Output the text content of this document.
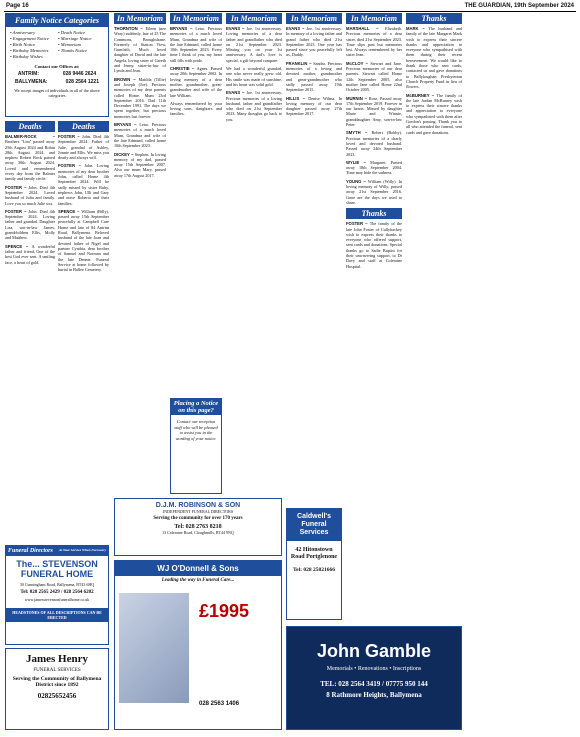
Page 16	THE GUARDIAN, 19th September 2024
Family Notice Categories
• Anniversary	• Death Notice
• Engagement Notice	• Marriage Notice
• Birth Notice	• Memoriam
• Birthday Memories	• Thanks Notice
• Birthday Wishes
Contact our Offices at:
ANTRIM:	028 9446 2624
BALLYMENA:	028 2564 1221
We accept images of individuals in all of the above categories
Deaths
BALMER-ROCK – Brothers ''Lim'' passed away 25th August 2024 and Robin 28th August 2024 and nephew Robert Rock passed away 30th August 2024. Loved and remembered every day from the Balmer family and family circle.
FOSTER – John. Died 4th September 2024. Loved husband of Julia and family. Love you so much Julie xxx.
FOSTER – John. Died 4th September 2024. Loving father and grandad. Daughter Lisa, son-in-law James, grandchildren Ellis, Molly and Matthew.
SPENCE – A wonderful father and friend, One of the best God ever sent. A smiling face, a heart of gold.
Deaths
FOSTER – John. Died 4th September 2024. Father of Julie, grandad of Ashley, Jonnie and Ellis. We miss you dearly and always will.
FOSTER – John. Loving memories of my dear brother John, called Home 4th September 2024. Will be sadly missed by sister Ruby, nephews John, Ulli and Gary and niece Roberta and their families.
SPENCE – William (Billy), passed away 15th September peacefully at Campbell Care Home and late of 84 Antrim Road, Ballymena. Beloved husband of the late Joan and devoted father of Nigel and partner Cynthia, dear brother of Samuel and Norman and the late Dennis. Funeral Service at home followed by burial in Ballee Cemetery.
In Memoriam
THORNTON – Eileen (nee Wray) suddenly, late of 25 The Commons, Broughshane. Formerly of Station View, Garnfrith. Much loved daughter of David and the late Angela, loving sister of Gareth and Jenny, sister-in-law of Lynda and Jean.
BROWN – Matilda (Tillie) and Joseph (Joe). Precious memories of my dear parents called Home. Mum 23rd September 2016. Dad 11th December 1991. The days we spent together, but precious memories last forever.
BRYANS – Lena. Precious memories of a much loved Mum, Grandma and wife of the late Edmund, called home 10th September 2023.
DICKEY – Stephen. In loving memory of my dad, passed away 15th September 2007. Also our mum Mary, passed away 17th August 2017.
In Memoriam
BRYANS – Lena. Precious memories of a much loved Mum, Grandma and wife of the late Edmund, called home 10th September 2023. Every time I think of you, my heart still fills with pride.
CHRISTIE – Agnes. Passed away 20th September 2002. In loving memory of a dear mother, grandmother, great-grandmother and wife of the late William.
Always remembered by your loving sons, daughters and families.
Placing a Notice on this page?
Contact our reception staff who will be pleased to assist you in the wording of your notice.
In Memoriam
EVANS – Joe. 1st anniversary. Loving memories of a dear father and grandfather who died on 21st September 2023. Missing you on your 1st anniversary. A dad's love is special, a gift beyond compare.
We had a wonderful grandad, one who never really grew old. His smile was made of sunshine, and his heart was solid gold.
EVANS – Joe. 1st anniversary. Precious memories of a loving husband, father and grandfather who died on 21st September 2023. Many thoughts go back to you.
In Memoriam
EVANS – Joe. 1st anniversary. In memory of a loving father and grand father who died 21st September 2023. One year has passed since you peacefully left us, Daddy.
FRANKLIN – Sandra. Precious memories of a loving and devoted mother, grandmother and great-grandmother who sadly passed away 19th September 2015.
HILLIS – Denise Wilma. In loving memory of our dear daughter passed away 27th September 2017.
In Memoriam
MARSHALL – Elizabeth. Precious memories of a dear sister, died 21st September 2023. Time slips past but memories last. Always remembered by her sister Jean.
McCLOY – Stewart and Jane. Precious memories of our dear parents. Stewart called Home 12th September 2005, also mother Jane called Home 22nd October 2005.
MURNIN – Rose. Passed away 17th September 2019. Forever in our hearts. Missed by daughter Marie and Winnie, granddaughter Amy, son-in-law Peter.
SMYTH – Robert (Bobby). Precious memories of a dearly loved and devoted husband. Passed away 24th September 2023.
WYLIE – Margaret. Passed away 18th September 2004. Time may hide the sadness.
YOUNG – William (Willy). In loving memory of Willy, passed away 21st September 2016. Gone are the days we used to share.
Thanks
FOSTER – The family of the late John Foster of Cullybackey wish to express their thanks to everyone who offered support, sent cards and donations. Special thanks go to Sadie Baptist for their unwavering support, to Dr Davy and staff at Coleraine Hospital.
Thanks
MARK – The husband and family of the late Margaret Mark wish to express their sincere thanks and appreciation to everyone who sympathised with them during their recent bereavement. We would like to thank those who sent cards, contacted us and gave donations to Ballyloughan Presbyterian Church Property Fund in lieu of flowers.
McBURNEY – The family of the late Jordan McBurney wish to express their sincere thanks and appreciation to everyone who sympathised with them after Gordon's passing. Thank you to all who attended the funeral, sent cards and gave donations.
D.J.M. ROBINSON & SON
INDEPENDENT FUNERAL DIRECTORS
Serving the community for over 170 years
Tel: 028 2763 8218
13 Coleraine Road, Cloughmills, BT44 9NQ
WJ O'Donnell & Sons
Leading the way in Funeral Care...
£1995
028 2563 1406
Caldwell's Funeral Services
42 Hitonstown Road Portglenone
Tel: 028 25821666
John Gamble
Memorials • Renovations • Inscriptions
TEL: 028 2564 3419 / 07775 950 144
8 Rathmore Heights, Ballymena
Funeral Directors At Your Service When Necessary
The... STEVENSON FUNERAL HOME
30 Cunningham Road, Ballymena, BT43 6HQ
Tel: 028 2565 2429 / 028 2564 6202
www.jamesstevensonfuneralhome.co.uk
HEADSTONES OF ALL DESCRIPTIONS CAN BE ERECTED
James Henry
FUNERAL SERVICES
Serving the Community of Ballymena District since 1892
02825652456
